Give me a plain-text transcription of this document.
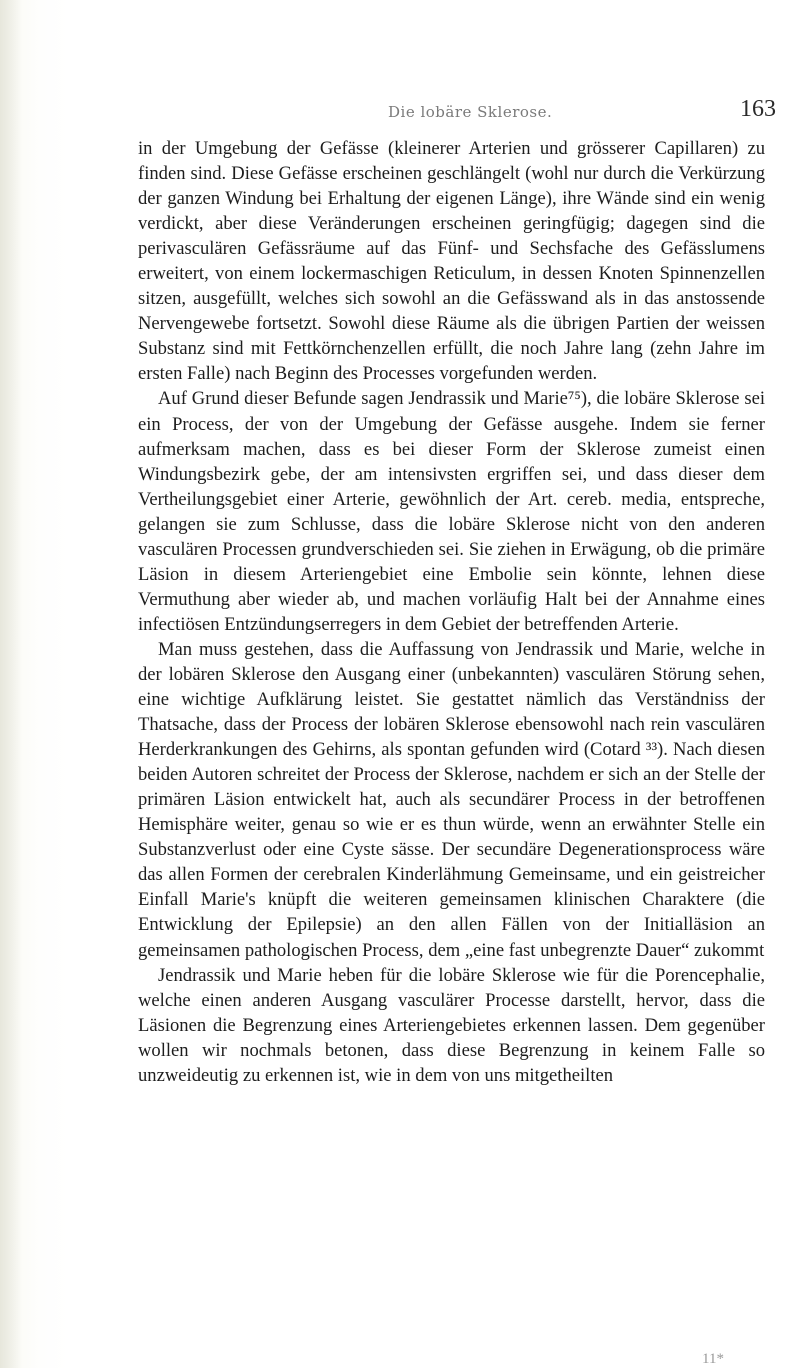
Die lobäre Sklerose.	163

in der Umgebung der Gefässe (kleinerer Arterien und grösserer Capillaren) zu finden sind. Diese Gefässe erscheinen geschlängelt (wohl nur durch die Verkürzung der ganzen Windung bei Erhaltung der eigenen Länge), ihre Wände sind ein wenig verdickt, aber diese Veränderungen erscheinen geringfügig; dagegen sind die perivasculären Gefässräume auf das Fünf- und Sechsfache des Gefässlumens erweitert, von einem lockermaschigen Reticulum, in dessen Knoten Spinnenzellen sitzen, ausgefüllt, welches sich sowohl an die Gefässwand als in das anstossende Nervengewebe fortsetzt. Sowohl diese Räume als die übrigen Partien der weissen Substanz sind mit Fettkörnchenzellen erfüllt, die noch Jahre lang (zehn Jahre im ersten Falle) nach Beginn des Processes vorgefunden werden.

Auf Grund dieser Befunde sagen Jendrassik und Marie⁷⁵), die lobäre Sklerose sei ein Process, der von der Umgebung der Gefässe ausgehe. Indem sie ferner aufmerksam machen, dass es bei dieser Form der Sklerose zumeist einen Windungsbezirk gebe, der am intensivsten ergriffen sei, und dass dieser dem Vertheilungsgebiet einer Arterie, gewöhnlich der Art. cereb. media, entspreche, gelangen sie zum Schlusse, dass die lobäre Sklerose nicht von den anderen vasculären Processen grundverschieden sei. Sie ziehen in Erwägung, ob die primäre Läsion in diesem Arteriengebiet eine Embolie sein könnte, lehnen diese Vermuthung aber wieder ab, und machen vorläufig Halt bei der Annahme eines infectiösen Entzündungserregers in dem Gebiet der betreffenden Arterie.

Man muss gestehen, dass die Auffassung von Jendrassik und Marie, welche in der lobären Sklerose den Ausgang einer (unbekannten) vasculären Störung sehen, eine wichtige Aufklärung leistet. Sie gestattet nämlich das Verständniss der Thatsache, dass der Process der lobären Sklerose ebensowohl nach rein vasculären Herderkrankungen des Gehirns, als spontan gefunden wird (Cotard ³³). Nach diesen beiden Autoren schreitet der Process der Sklerose, nachdem er sich an der Stelle der primären Läsion entwickelt hat, auch als secundärer Process in der betroffenen Hemisphäre weiter, genau so wie er es thun würde, wenn an erwähnter Stelle ein Substanzverlust oder eine Cyste sässe. Der secundäre Degenerationsprocess wäre das allen Formen der cerebralen Kinderlähmung Gemeinsame, und ein geistreicher Einfall Marie's knüpft die weiteren gemeinsamen klinischen Charaktere (die Entwicklung der Epilepsie) an den allen Fällen von der Initialläsion an gemeinsamen pathologischen Process, dem „eine fast unbegrenzte Dauer“ zukommt

Jendrassik und Marie heben für die lobäre Sklerose wie für die Porencephalie, welche einen anderen Ausgang vasculärer Processe darstellt, hervor, dass die Läsionen die Begrenzung eines Arteriengebietes erkennen lassen. Dem gegenüber wollen wir nochmals betonen, dass diese Begrenzung in keinem Falle so unzweideutig zu erkennen ist, wie in dem von uns mitgetheilten

11*
